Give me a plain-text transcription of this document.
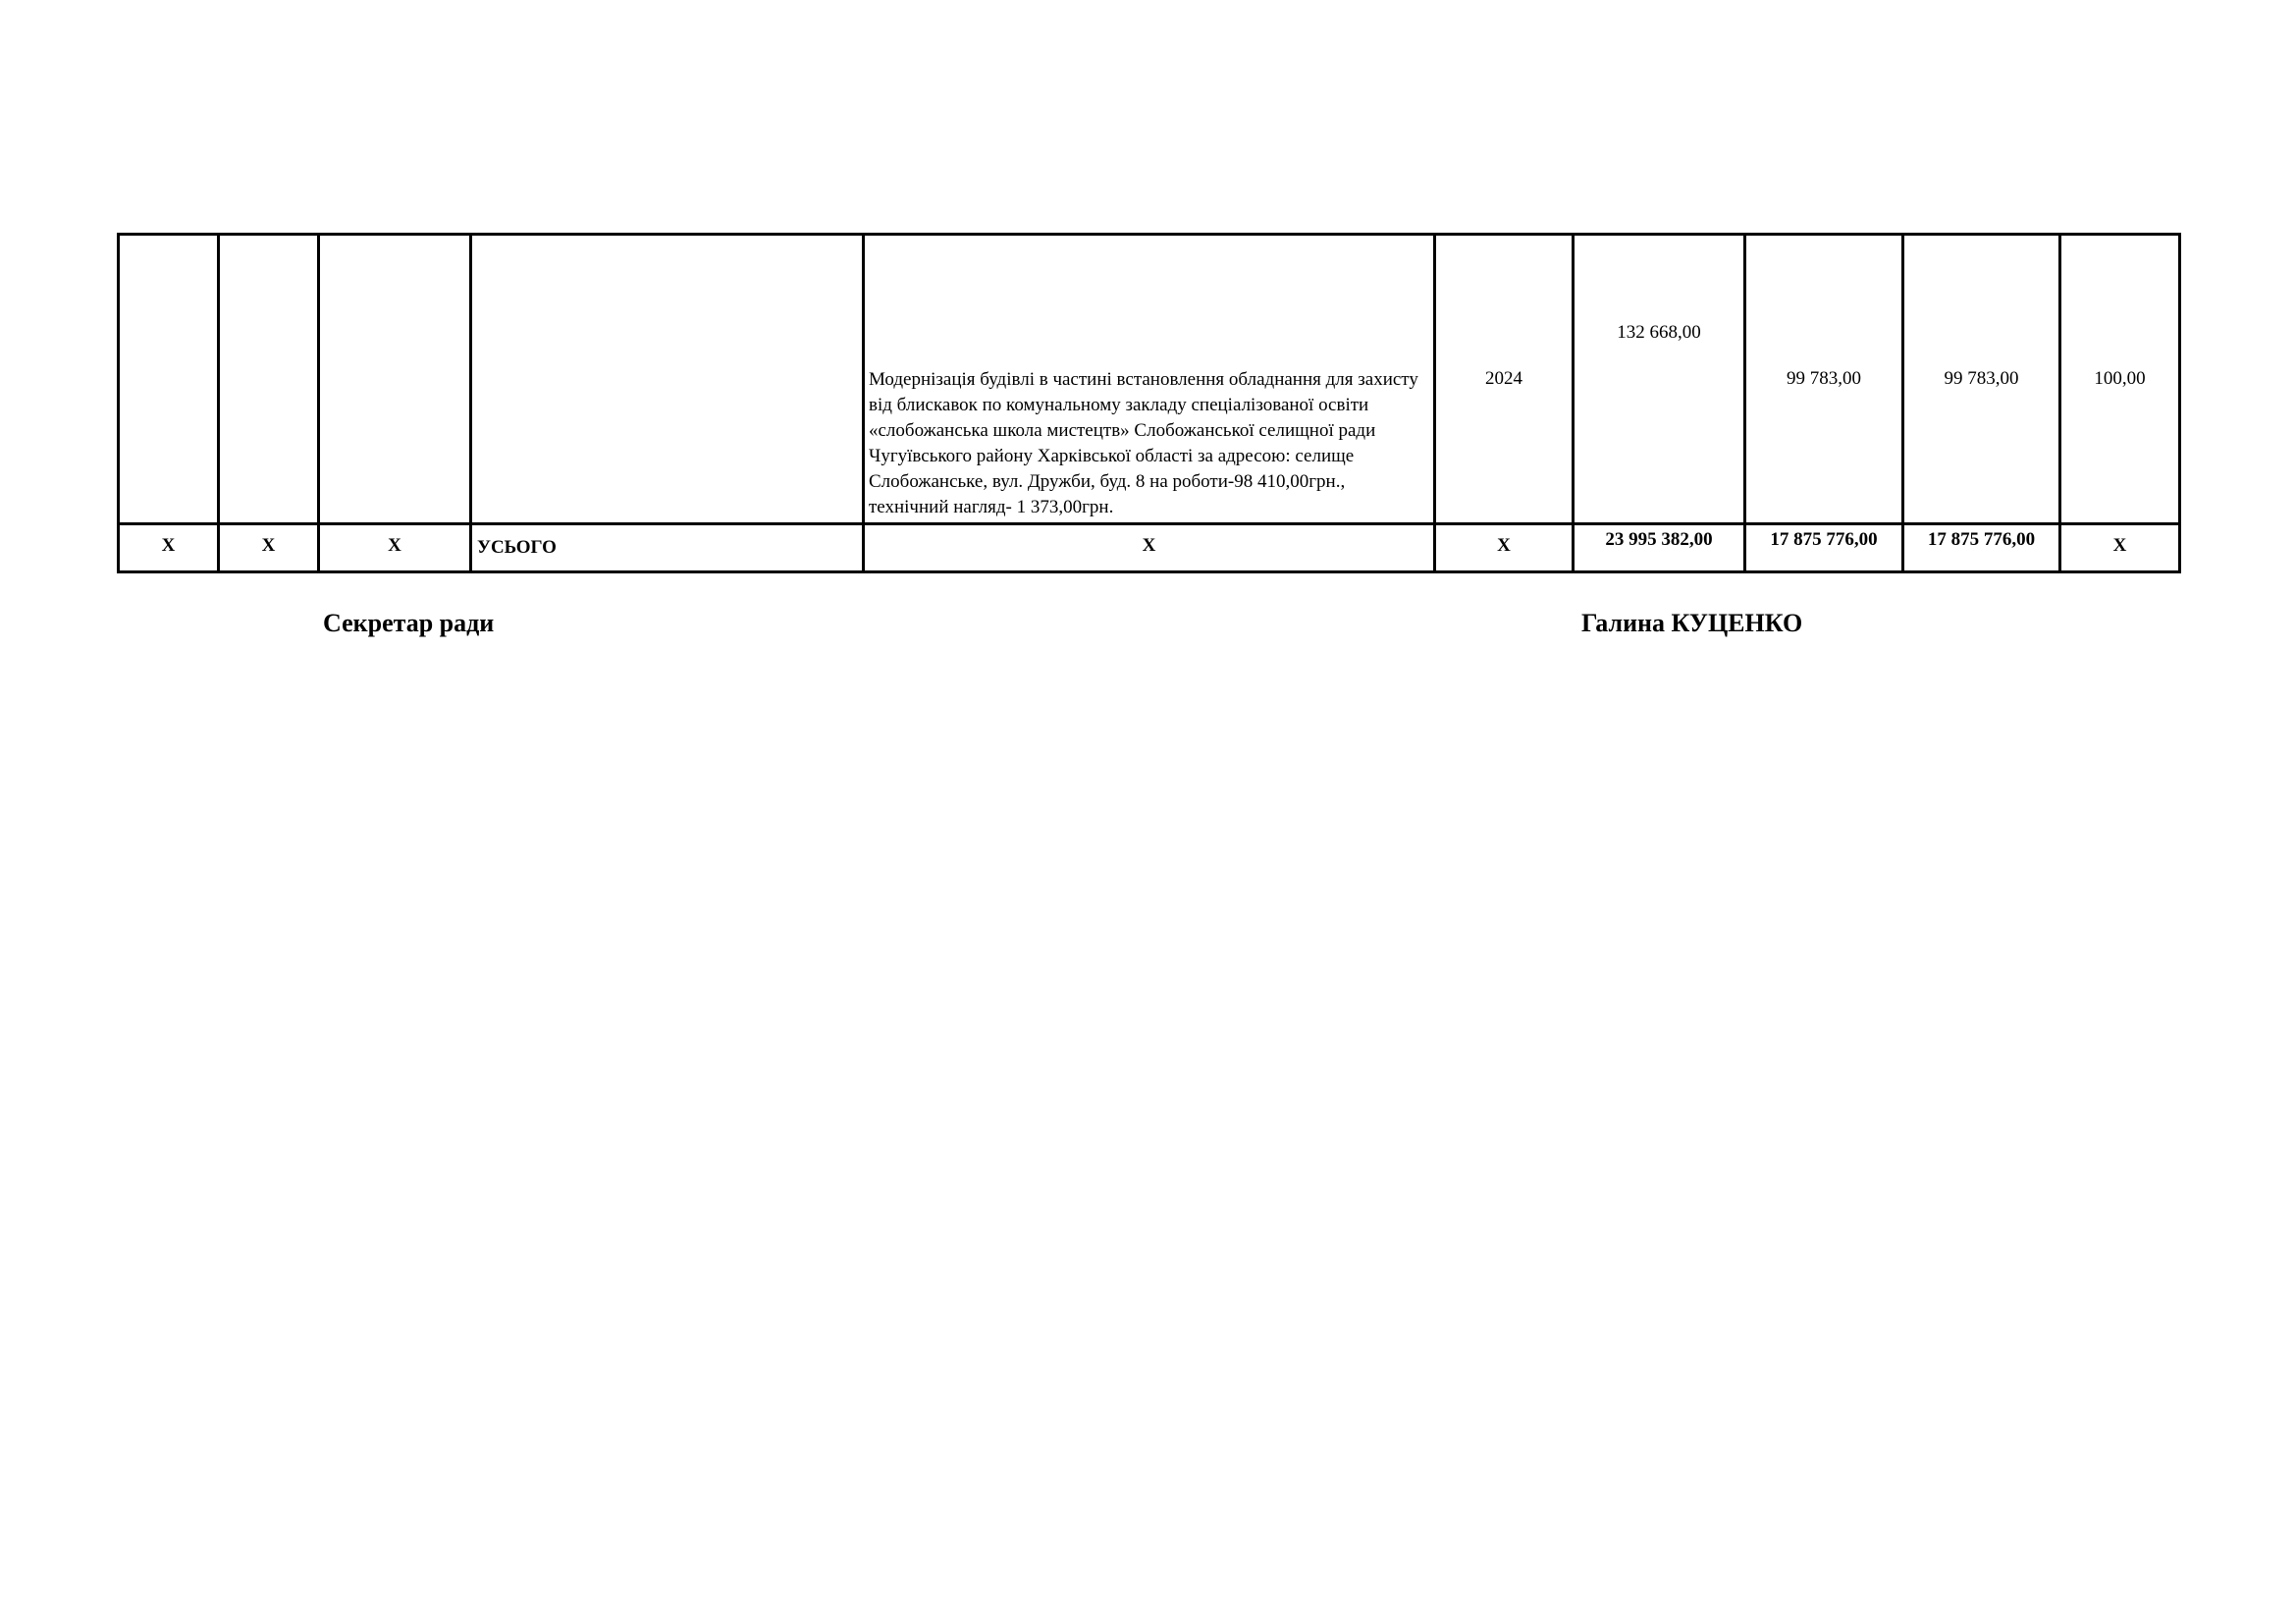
				Модернізація будівлі в частині встановлення обладнання для захисту від блискавок по комунальному закладу спеціалізованої освіти «слобожанська школа мистецтв» Слобожанської селищної ради Чугуївського району Харківської області за адресою: селище Слобожанське, вул. Дружби, буд. 8 на роботи-98 410,00грн., технічний нагляд- 1 373,00грн.	2024	132 668,00	99 783,00	99 783,00	100,00
Х	Х	Х	УСЬОГО	Х	Х	23 995 382,00	17 875 776,00	17 875 776,00	Х
Секретар ради	Галина КУЦЕНКО
